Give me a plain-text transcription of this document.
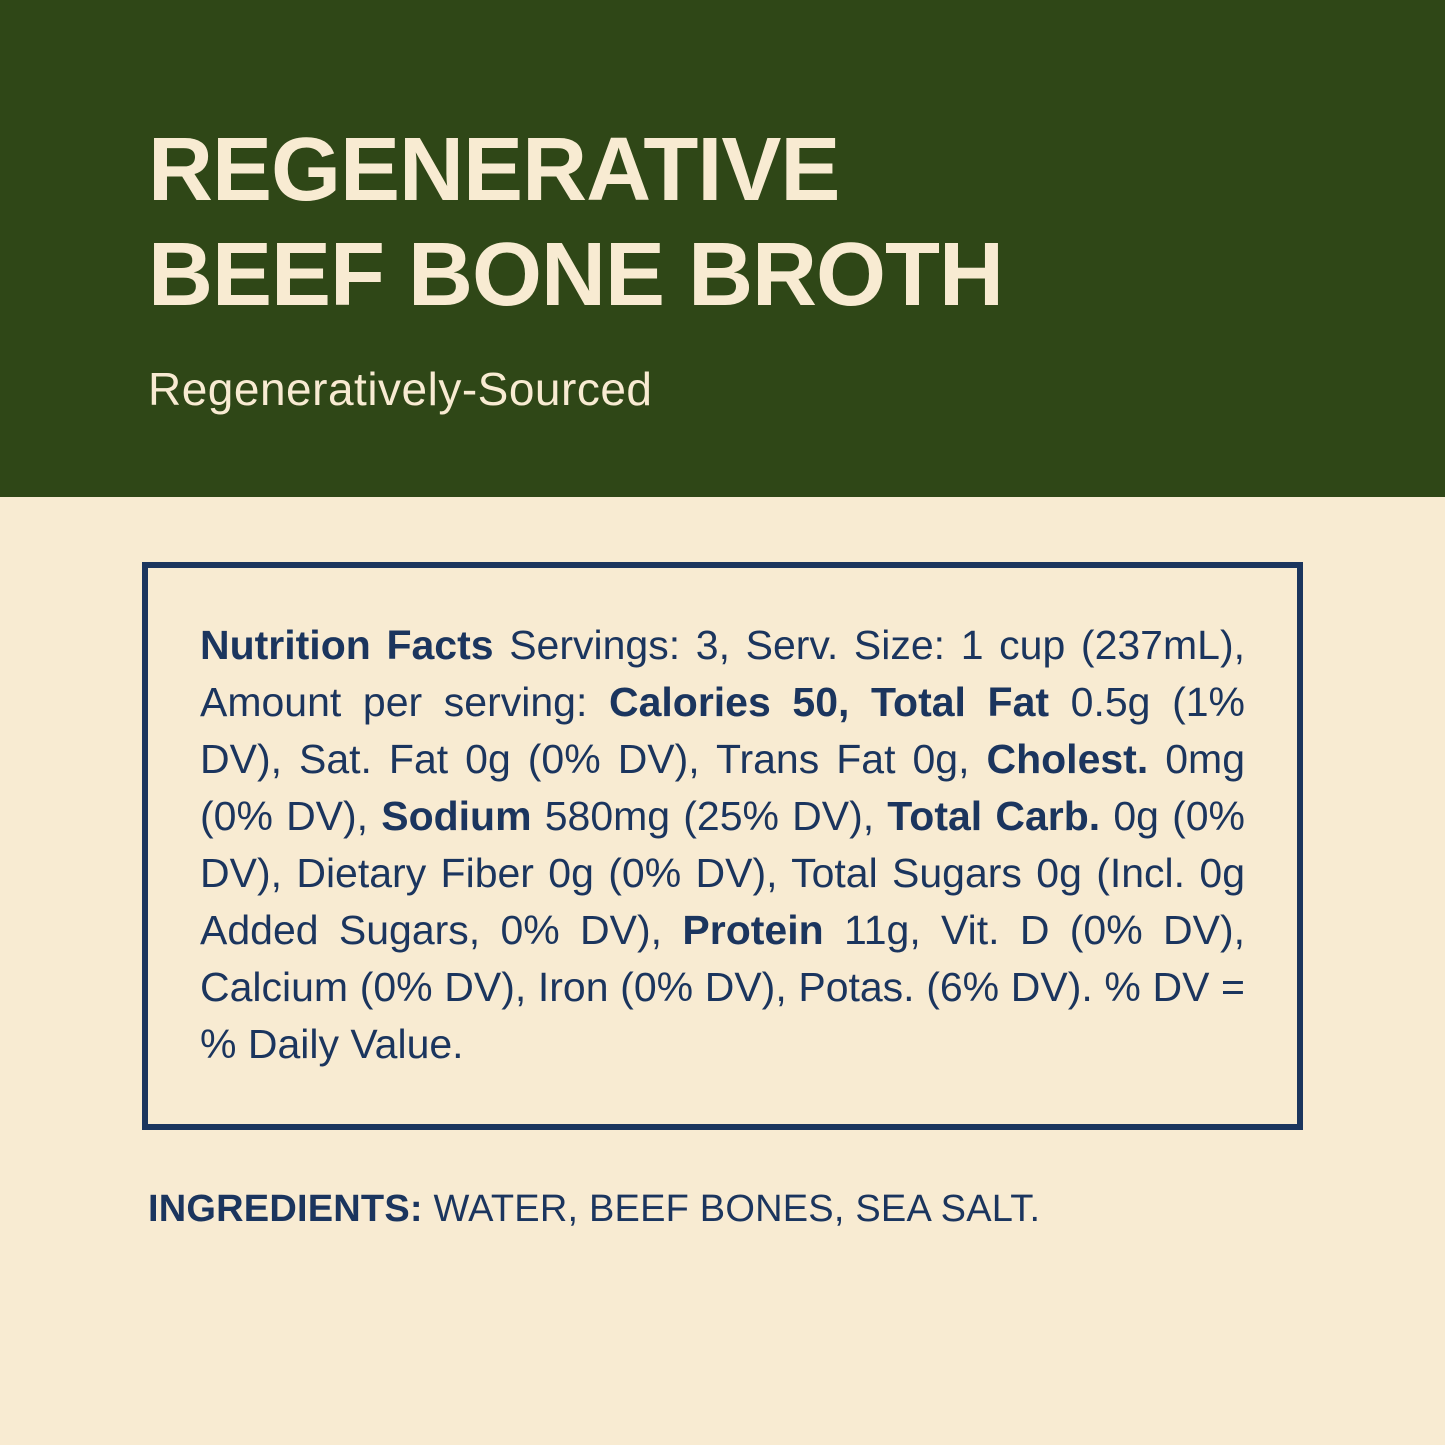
REGENERATIVE
BEEF BONE BROTH

Regeneratively-Sourced

Nutrition Facts Servings: 3, Serv. Size: 1 cup (237mL), Amount per serving: Calories 50, Total Fat 0.5g (1% DV), Sat. Fat 0g (0% DV), Trans Fat 0g, Cholest. 0mg (0% DV), Sodium 580mg (25% DV), Total Carb. 0g (0% DV), Dietary Fiber 0g (0% DV), Total Sugars 0g (Incl. 0g Added Sugars, 0% DV), Protein 11g, Vit. D (0% DV), Calcium (0% DV), Iron (0% DV), Potas. (6% DV). % DV = % Daily Value.

INGREDIENTS: WATER, BEEF BONES, SEA SALT.
